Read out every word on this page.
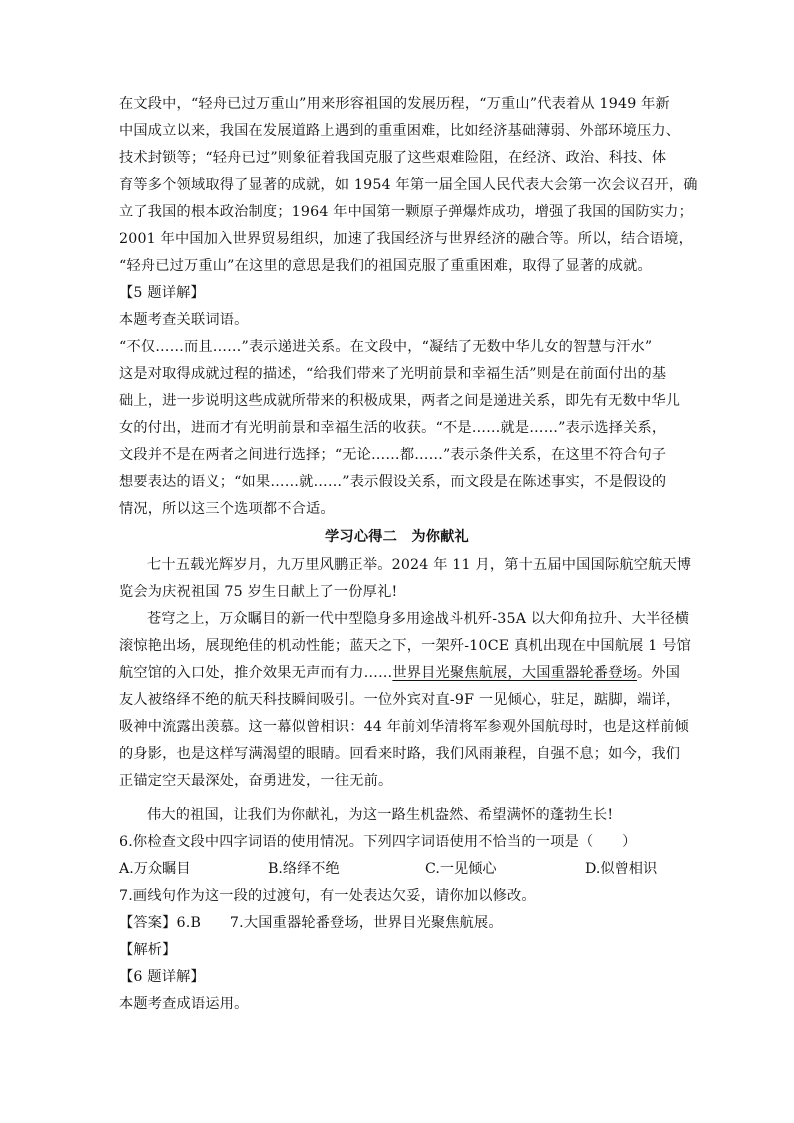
在文段中，“轻舟已过万重山”用来形容祖国的发展历程，“万重山”代表着从 1949 年新
中国成立以来，我国在发展道路上遇到的重重困难，比如经济基础薄弱、外部环境压力、
技术封锁等；“轻舟已过”则象征着我国克服了这些艰难险阻，在经济、政治、科技、体
育等多个领域取得了显著的成就，如 1954 年第一届全国人民代表大会第一次会议召开，确
立了我国的根本政治制度；1964 年中国第一颗原子弹爆炸成功，增强了我国的国防实力；
2001 年中国加入世界贸易组织，加速了我国经济与世界经济的融合等。所以，结合语境，
“轻舟已过万重山”在这里的意思是我们的祖国克服了重重困难，取得了显著的成就。
【5 题详解】
本题考查关联词语。
“不仅……而且……”表示递进关系。在文段中，“凝结了无数中华儿女的智慧与汗水”
这是对取得成就过程的描述，“给我们带来了光明前景和幸福生活”则是在前面付出的基
础上，进一步说明这些成就所带来的积极成果，两者之间是递进关系，即先有无数中华儿
女的付出，进而才有光明前景和幸福生活的收获。“不是……就是……”表示选择关系，
文段并不是在两者之间进行选择；“无论……都……”表示条件关系，在这里不符合句子
想要表达的语义；“如果……就……”表示假设关系，而文段是在陈述事实，不是假设的
情况，所以这三个选项都不合适。
学习心得二　为你献礼
七十五载光辉岁月，九万里风鹏正举。2024 年 11 月，第十五届中国国际航空航天博
览会为庆祝祖国 75 岁生日献上了一份厚礼!
苍穹之上，万众瞩目的新一代中型隐身多用途战斗机歼-35A 以大仰角拉升、大半径横
滚惊艳出场，展现绝佳的机动性能；蓝天之下，一架歼-10CE 真机出现在中国航展 1 号馆
航空馆的入口处，推介效果无声而有力……世界目光聚焦航展，大国重器轮番登场。外国
友人被络绎不绝的航天科技瞬间吸引。一位外宾对直-9F 一见倾心，驻足，踮脚，端详，
吸神中流露出羡慕。这一幕似曾相识：44 年前刘华清将军参观外国航母时，也是这样前倾
的身影，也是这样写满渴望的眼睛。回看来时路，我们风雨兼程，自强不息；如今，我们
正锚定空天最深处，奋勇进发，一往无前。
伟大的祖国，让我们为你献礼，为这一路生机盎然、希望满怀的蓬勃生长!
6.你检查文段中四字词语的使用情况。下列四字词语使用不恰当的一项是（　　）
A.万众瞩目	B.络绎不绝	C.一见倾心	D.似曾相识
7.画线句作为这一段的过渡句，有一处表达欠妥，请你加以修改。
【答案】6.B　　7.大国重器轮番登场，世界目光聚焦航展。
【解析】
【6 题详解】
本题考查成语运用。
